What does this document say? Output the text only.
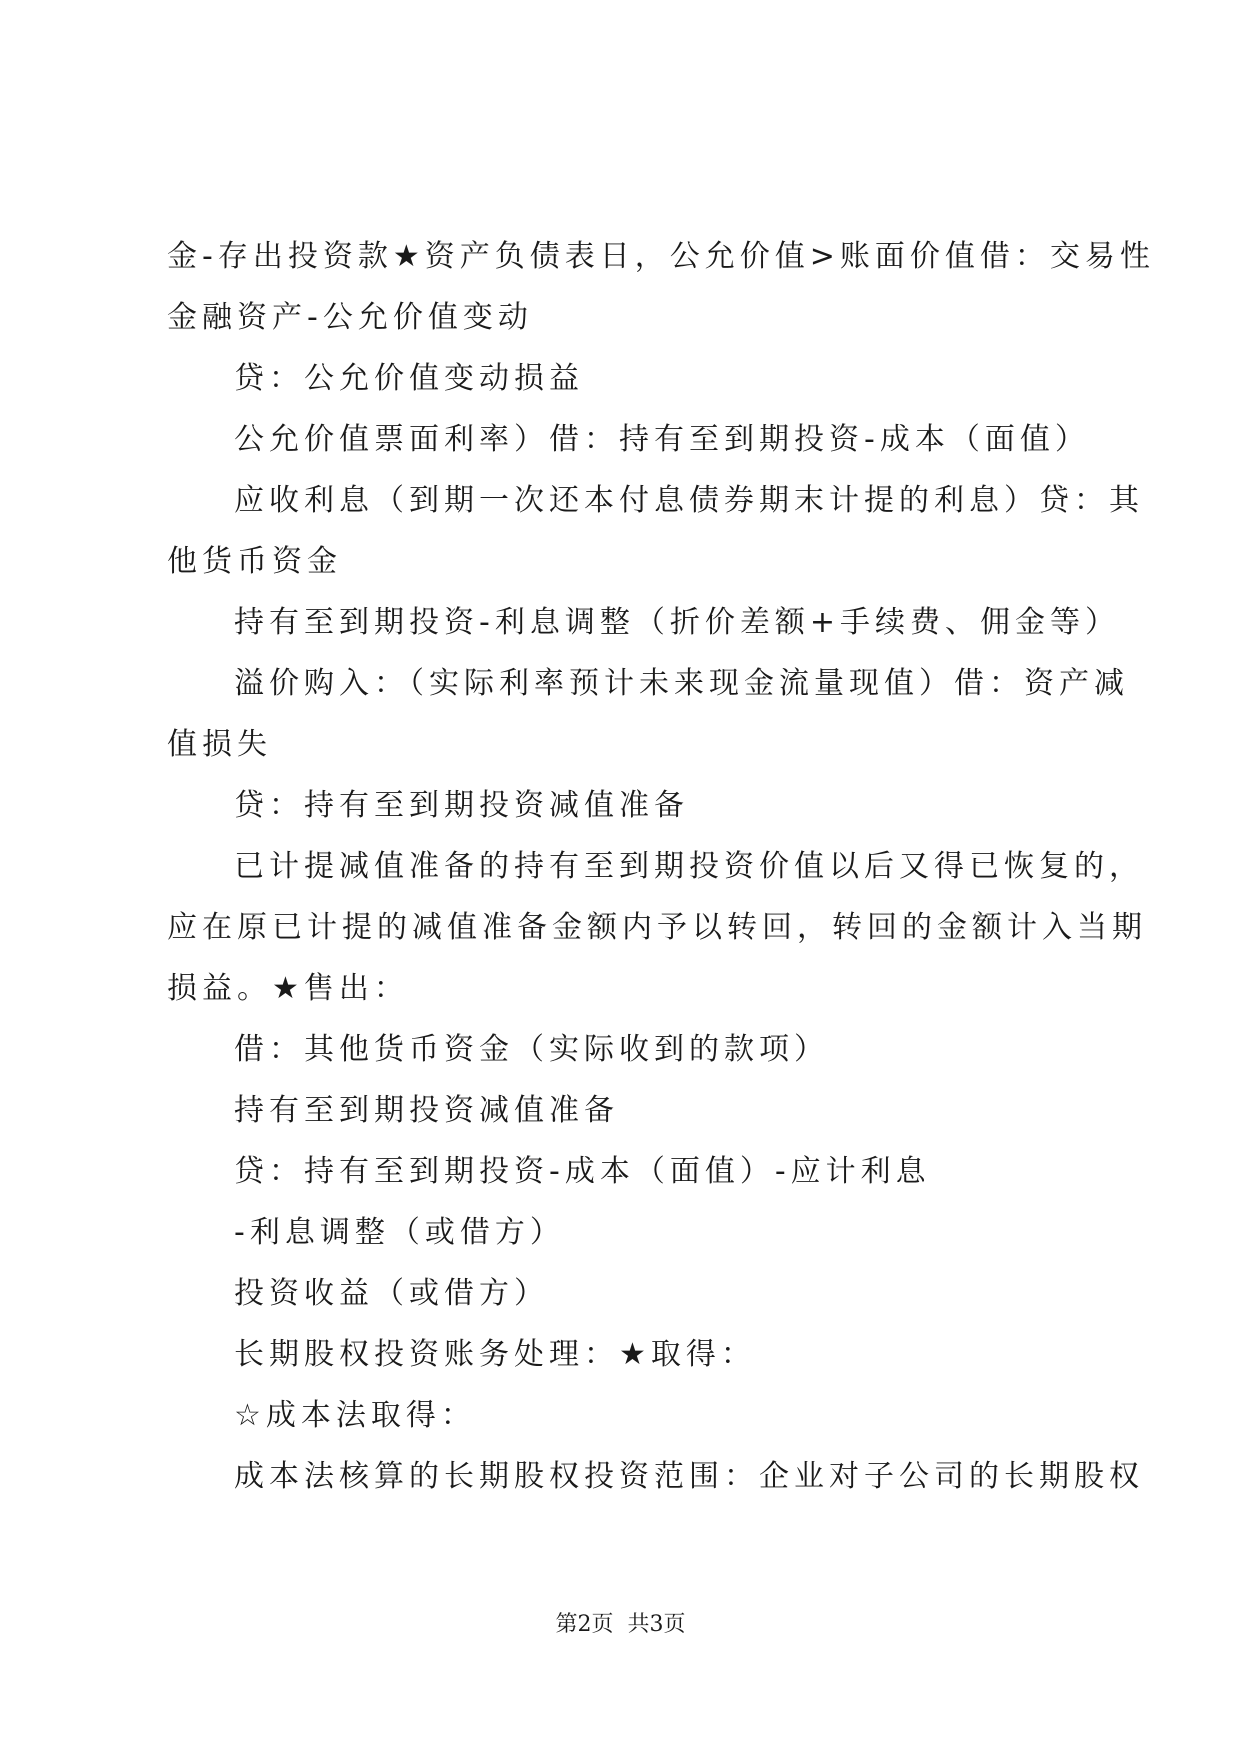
金-存出投资款★资产负债表日，公允价值>账面价值借：交易性
金融资产-公允价值变动
贷：公允价值变动损益
公允价值票面利率）借：持有至到期投资-成本（面值）
应收利息（到期一次还本付息债券期末计提的利息）贷：其
他货币资金
持有至到期投资-利息调整（折价差额+手续费、佣金等）
溢价购入：（实际利率预计未来现金流量现值）借：资产减
值损失
贷：持有至到期投资减值准备
已计提减值准备的持有至到期投资价值以后又得已恢复的，
应在原已计提的减值准备金额内予以转回，转回的金额计入当期
损益。★售出：
借：其他货币资金（实际收到的款项）
持有至到期投资减值准备
贷：持有至到期投资-成本（面值）-应计利息
-利息调整（或借方）
投资收益（或借方）
长期股权投资账务处理：★取得：
☆成本法取得：
成本法核算的长期股权投资范围：企业对子公司的长期股权
第2页 共3页
